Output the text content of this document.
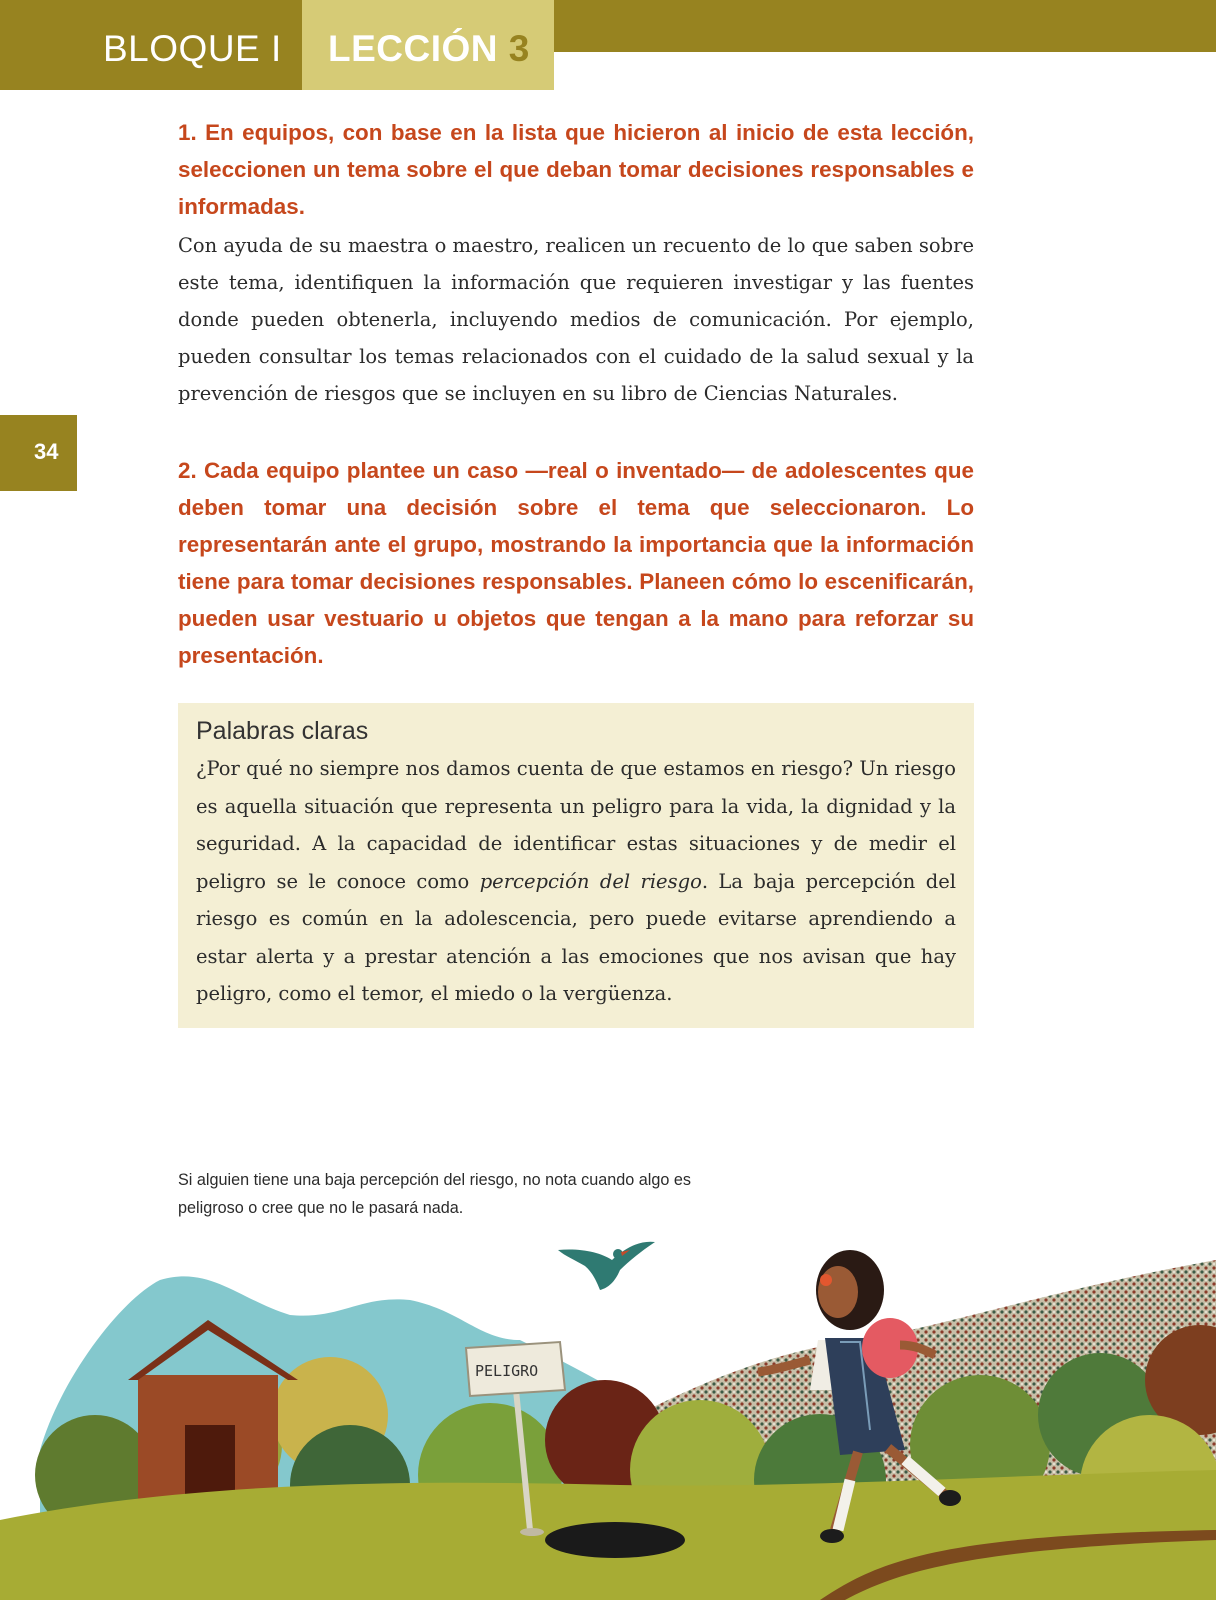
BLOQUE I	LECCIÓN 3
34

1. En equipos, con base en la lista que hicieron al inicio de esta lección, seleccionen un tema sobre el que deban tomar decisiones responsables e informadas.

Con ayuda de su maestra o maestro, realicen un recuento de lo que saben sobre este tema, identifiquen la información que requieren investigar y las fuentes donde pueden obtenerla, incluyendo medios de comunicación. Por ejemplo, pueden consultar los temas relacionados con el cuidado de la salud sexual y la prevención de riesgos que se incluyen en su libro de Ciencias Naturales.

2. Cada equipo plantee un caso —real o inventado— de adolescentes que deben tomar una decisión sobre el tema que seleccionaron. Lo representarán ante el grupo, mostrando la importancia que la información tiene para tomar decisiones responsables. Planeen cómo lo escenificarán, pueden usar vestuario u objetos que tengan a la mano para reforzar su presentación.

Palabras claras

¿Por qué no siempre nos damos cuenta de que estamos en riesgo? Un riesgo es aquella situación que representa un peligro para la vida, la dignidad y la seguridad. A la capacidad de identificar estas situaciones y de medir el peligro se le conoce como percepción del riesgo. La baja percepción del riesgo es común en la adolescencia, pero puede evitarse aprendiendo a estar alerta y a prestar atención a las emociones que nos avisan que hay peligro, como el temor, el miedo o la vergüenza.

Si alguien tiene una baja percepción del riesgo, no nota cuando algo es peligroso o cree que no le pasará nada.

PELIGRO
